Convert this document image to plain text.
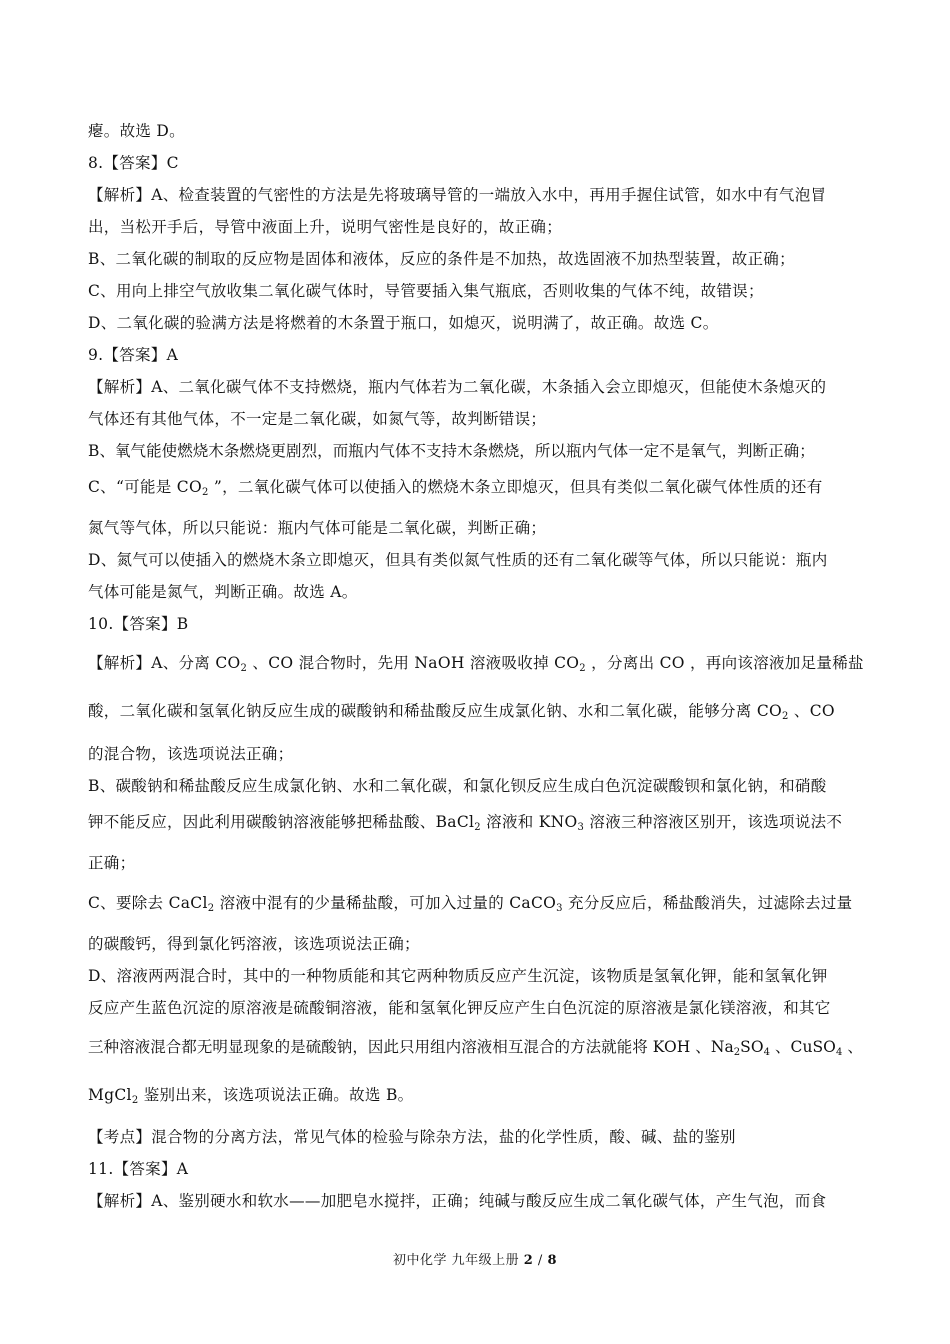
瘪。故选 D。
8.【答案】C
【解析】A、检查装置的气密性的方法是先将玻璃导管的一端放入水中，再用手握住试管，如水中有气泡冒
出，当松开手后，导管中液面上升，说明气密性是良好的，故正确；
B、二氧化碳的制取的反应物是固体和液体，反应的条件是不加热，故选固液不加热型装置，故正确；
C、用向上排空气放收集二氧化碳气体时，导管要插入集气瓶底，否则收集的气体不纯，故错误；
D、二氧化碳的验满方法是将燃着的木条置于瓶口，如熄灭，说明满了，故正确。故选 C。
9.【答案】A
【解析】A、二氧化碳气体不支持燃烧，瓶内气体若为二氧化碳，木条插入会立即熄灭，但能使木条熄灭的
气体还有其他气体，不一定是二氧化碳，如氮气等，故判断错误；
B、氧气能使燃烧木条燃烧更剧烈，而瓶内气体不支持木条燃烧，所以瓶内气体一定不是氧气，判断正确；
C、“可能是 $CO_2$ ”，二氧化碳气体可以使插入的燃烧木条立即熄灭，但具有类似二氧化碳气体性质的还有
氮气等气体，所以只能说：瓶内气体可能是二氧化碳，判断正确；
D、氮气可以使插入的燃烧木条立即熄灭，但具有类似氮气性质的还有二氧化碳等气体，所以只能说：瓶内
气体可能是氮气，判断正确。故选 A。
10.【答案】B
【解析】A、分离 $CO_2$ 、CO 混合物时，先用 NaOH 溶液吸收掉 $CO_2$ ，分离出 CO ，再向该溶液加足量稀盐
酸，二氧化碳和氢氧化钠反应生成的碳酸钠和稀盐酸反应生成氯化钠、水和二氧化碳，能够分离 $CO_2$ 、CO
的混合物，该选项说法正确；
B、碳酸钠和稀盐酸反应生成氯化钠、水和二氧化碳，和氯化钡反应生成白色沉淀碳酸钡和氯化钠，和硝酸
钾不能反应，因此利用碳酸钠溶液能够把稀盐酸、BaCl$_2$ 溶液和 $KNO_3$ 溶液三种溶液区别开，该选项说法不
正确；
C、要除去 CaCl$_2$ 溶液中混有的少量稀盐酸，可加入过量的 CaCO$_3$ 充分反应后，稀盐酸消失，过滤除去过量
的碳酸钙，得到氯化钙溶液，该选项说法正确；
D、溶液两两混合时，其中的一种物质能和其它两种物质反应产生沉淀，该物质是氢氧化钾，能和氢氧化钾
反应产生蓝色沉淀的原溶液是硫酸铜溶液，能和氢氧化钾反应产生白色沉淀的原溶液是氯化镁溶液，和其它
三种溶液混合都无明显现象的是硫酸钠，因此只用组内溶液相互混合的方法就能将 KOH 、$Na_2SO_4$ 、CuSO$_4$ 、
MgCl$_2$ 鉴别出来，该选项说法正确。故选 B。
【考点】混合物的分离方法，常见气体的检验与除杂方法，盐的化学性质，酸、碱、盐的鉴别
11.【答案】A
【解析】A、鉴别硬水和软水——加肥皂水搅拌，正确；纯碱与酸反应生成二氧化碳气体，产生气泡，而食
初中化学 九年级上册 2 / 8
